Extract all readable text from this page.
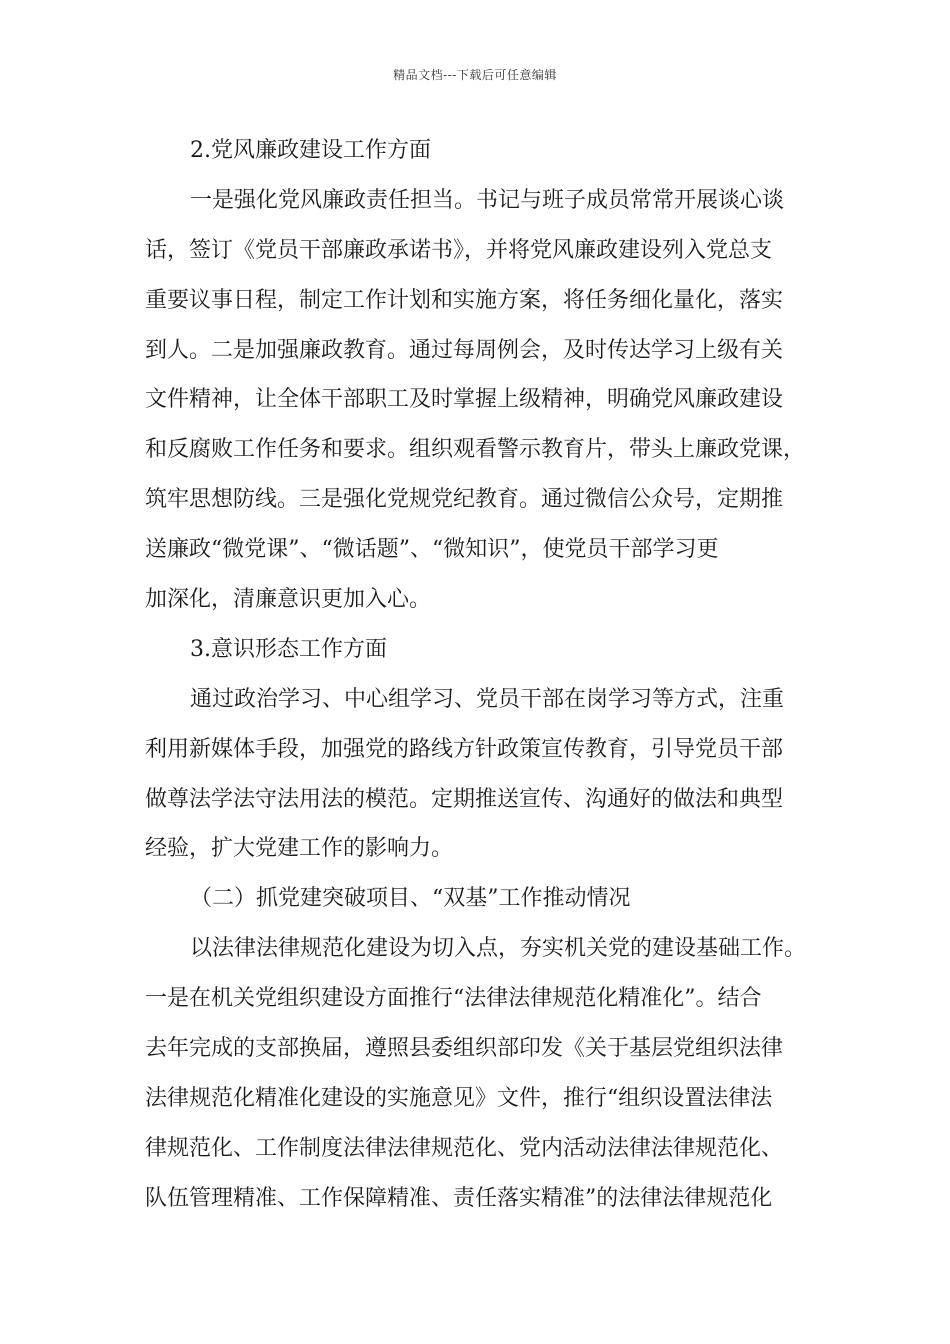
精品文档---下载后可任意编辑
2.党风廉政建设工作方面
一是强化党风廉政责任担当。书记与班子成员常常开展谈心谈
话，签订《党员干部廉政承诺书》，并将党风廉政建设列入党总支
重要议事日程，制定工作计划和实施方案，将任务细化量化，落实
到人。二是加强廉政教育。通过每周例会，及时传达学习上级有关
文件精神，让全体干部职工及时掌握上级精神，明确党风廉政建设
和反腐败工作任务和要求。组织观看警示教育片，带头上廉政党课，
筑牢思想防线。三是强化党规党纪教育。通过微信公众号，定期推
送廉政“微党课”、“微话题”、“微知识”，使党员干部学习更
加深化，清廉意识更加入心。
3.意识形态工作方面
通过政治学习、中心组学习、党员干部在岗学习等方式，注重
利用新媒体手段，加强党的路线方针政策宣传教育，引导党员干部
做尊法学法守法用法的模范。定期推送宣传、沟通好的做法和典型
经验，扩大党建工作的影响力。
（二）抓党建突破项目、“双基”工作推动情况
以法律法律规范化建设为切入点，夯实机关党的建设基础工作。
一是在机关党组织建设方面推行“法律法律规范化精准化”。结合
去年完成的支部换届，遵照县委组织部印发《关于基层党组织法律
法律规范化精准化建设的实施意见》文件，推行“组织设置法律法
律规范化、工作制度法律法律规范化、党内活动法律法律规范化、
队伍管理精准、工作保障精准、责任落实精准”的法律法律规范化
